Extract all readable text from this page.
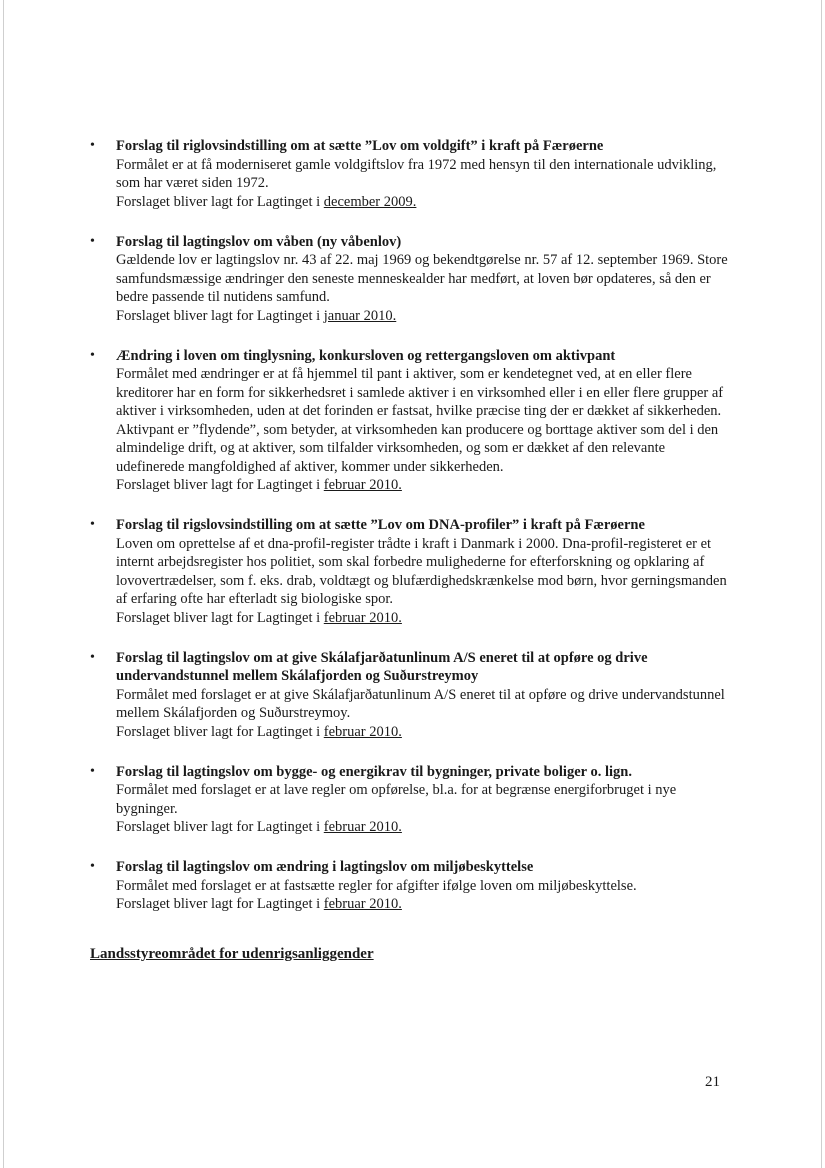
• Forslag til riglovsindstilling om at sætte ”Lov om voldgift” i kraft på Færøerne
Formålet er at få moderniseret gamle voldgiftslov fra 1972 med hensyn til den internationale udvikling, som har været siden 1972.
Forslaget bliver lagt for Lagtinget i december 2009.
• Forslag til lagtingslov om våben (ny våbenlov)
Gældende lov er lagtingslov nr. 43 af 22. maj 1969 og bekendtgørelse nr. 57 af 12. september 1969. Store samfundsmæssige ændringer den seneste menneskealder har medført, at loven bør opdateres, så den er bedre passende til nutidens samfund.
Forslaget bliver lagt for Lagtinget i januar 2010.
• Ændring i loven om tinglysning, konkursloven og rettergangsloven om aktivpant
Formålet med ændringer er at få hjemmel til pant i aktiver, som er kendetegnet ved, at en eller flere kreditorer har en form for sikkerhedsret i samlede aktiver i en virksomhed eller i en eller flere grupper af aktiver i virksomheden, uden at det forinden er fastsat, hvilke præcise ting der er dækket af sikkerheden. Aktivpant er ”flydende”, som betyder, at virksomheden kan producere og borttage aktiver som del i den almindelige drift, og at aktiver, som tilfalder virksomheden, og som er dækket af den relevante udefinerede mangfoldighed af aktiver, kommer under sikkerheden.
Forslaget bliver lagt for Lagtinget i februar 2010.
• Forslag til rigslovsindstilling om at sætte ”Lov om DNA-profiler” i kraft på Færøerne
Loven om oprettelse af et dna-profil-register trådte i kraft i Danmark i 2000. Dna-profil-registeret er et internt arbejdsregister hos politiet, som skal forbedre mulighederne for efterforskning og opklaring af lovovertrædelser, som f. eks. drab, voldtægt og blufærdighedskrænkelse mod børn, hvor gerningsmanden af erfaring ofte har efterladt sig biologiske spor.
Forslaget bliver lagt for Lagtinget i februar 2010.
• Forslag til lagtingslov om at give Skálafjarðatunlinum A/S eneret til at opføre og drive undervandstunnel mellem Skálafjorden og Suðurstreymoy
Formålet med forslaget er at give Skálafjarðatunlinum A/S eneret til at opføre og drive undervandstunnel mellem Skálafjorden og Suðurstreymoy.
Forslaget bliver lagt for Lagtinget i februar 2010.
• Forslag til lagtingslov om bygge- og energikrav til bygninger, private boliger o. lign.
Formålet med forslaget er at lave regler om opførelse, bl.a. for at begrænse energiforbruget i nye bygninger.
Forslaget bliver lagt for Lagtinget i februar 2010.
• Forslag til lagtingslov om ændring i lagtingslov om miljøbeskyttelse
Formålet med forslaget er at fastsætte regler for afgifter ifølge loven om miljøbeskyttelse.
Forslaget bliver lagt for Lagtinget i februar 2010.
Landsstyreområdet for udenrigsanliggender
21
